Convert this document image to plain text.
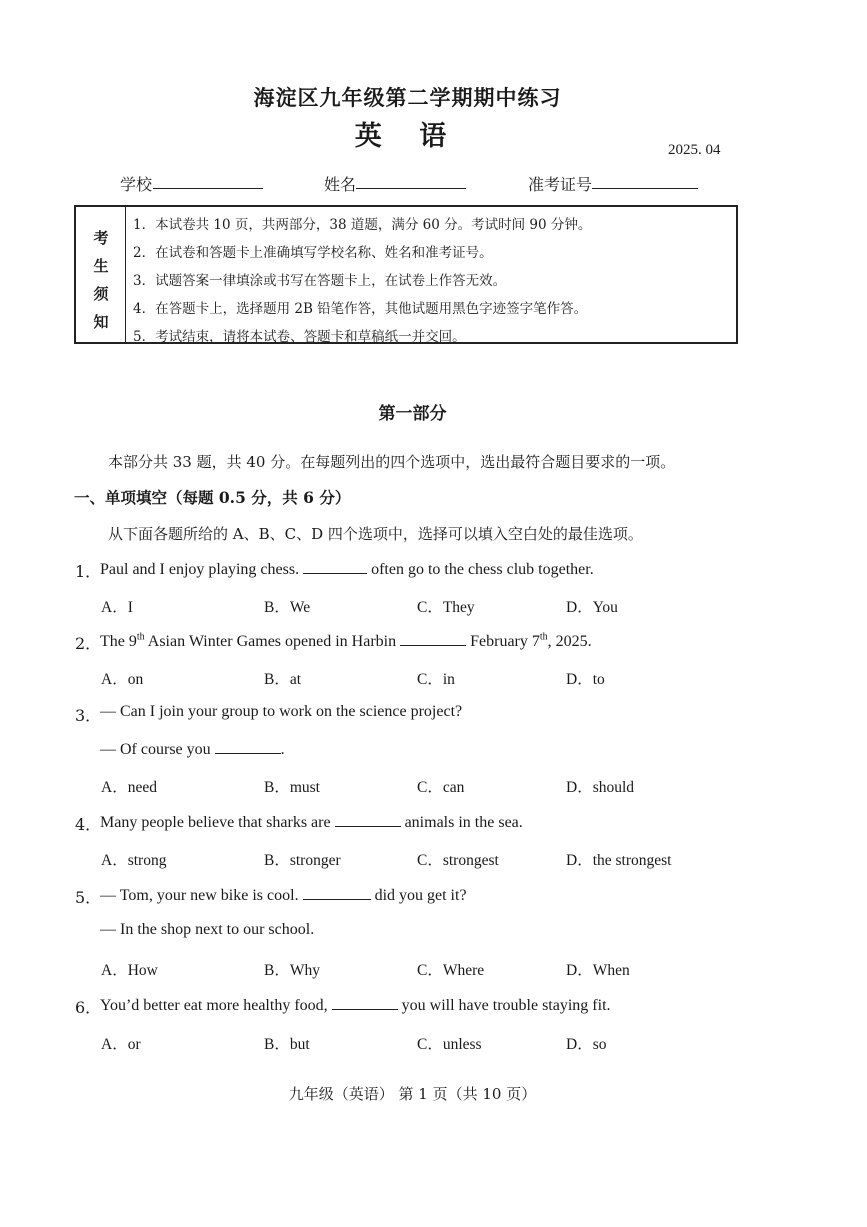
海淀区九年级第二学期期中练习
英 语	2025. 04
学校	姓名	准考证号
考
生
须
知
1．本试卷共 10 页，共两部分，38 道题，满分 60 分。考试时间 90 分钟。
2．在试卷和答题卡上准确填写学校名称、姓名和准考证号。
3．试题答案一律填涂或书写在答题卡上，在试卷上作答无效。
4．在答题卡上，选择题用 2B 铅笔作答，其他试题用黑色字迹签字笔作答。
5．考试结束，请将本试卷、答题卡和草稿纸一并交回。
第一部分
本部分共 33 题，共 40 分。在每题列出的四个选项中，选出最符合题目要求的一项。
一、单项填空（每题 0.5 分，共 6 分）
从下面各题所给的 A、B、C、D 四个选项中，选择可以填入空白处的最佳选项。
1．
Paul and I enjoy playing chess.	often go to the chess club together.
A．I	B．We	C．They	D．You
2．
The 9th Asian Winter Games opened in Harbin	February 7th, 2025.
A．on	B．at	C．in	D．to
3．
— Can I join your group to work on the science project?
— Of course you	.
A．need	B．must	C．can	D．should
4．
Many people believe that sharks are	animals in the sea.
A．strong	B．stronger	C．strongest	D．the strongest
5．
— Tom, your new bike is cool.	did you get it?
— In the shop next to our school.
A．How	B．Why	C．Where	D．When
6．
You’d better eat more healthy food,	you will have trouble staying fit.
A．or	B．but	C．unless	D．so
九年级（英语） 第 1 页（共 10 页）
